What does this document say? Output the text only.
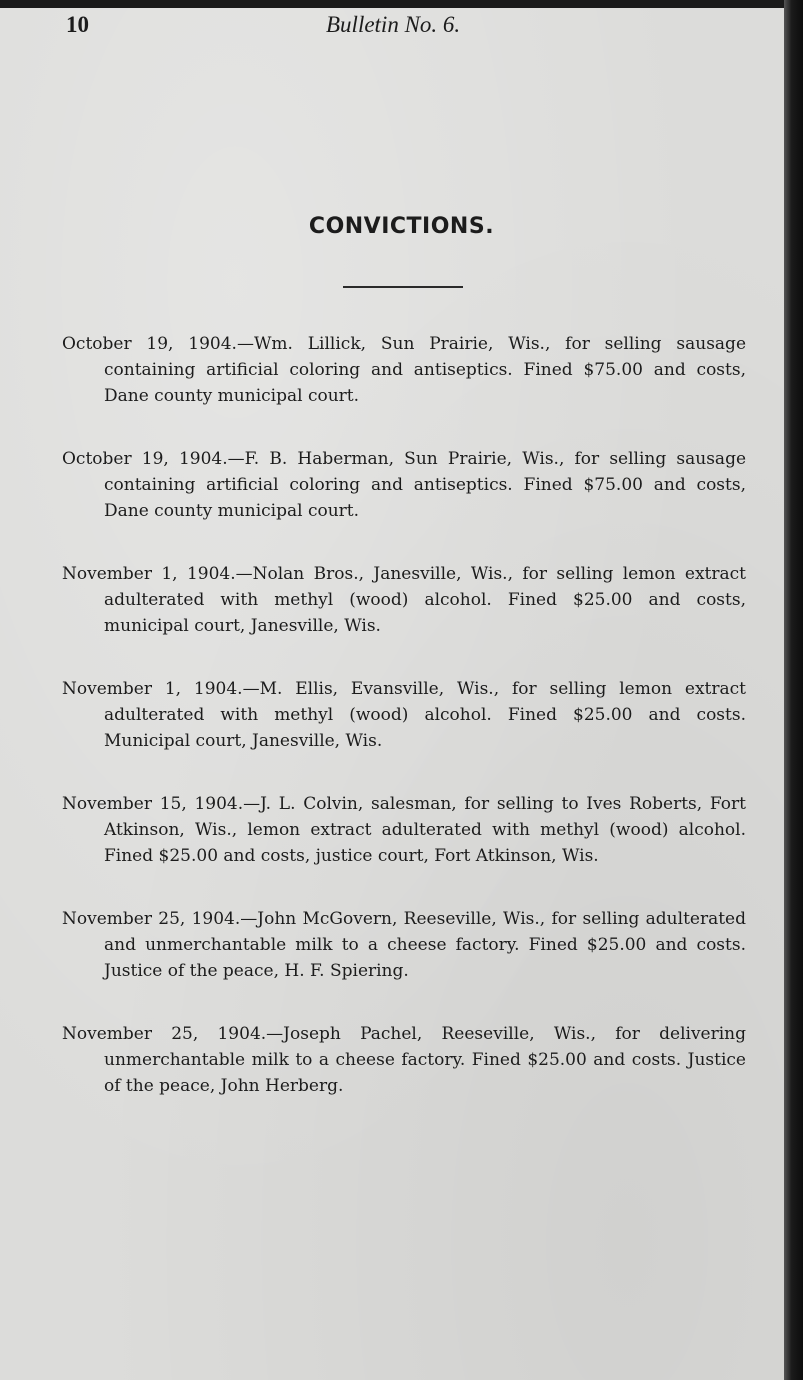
10	Bulletin No. 6.
CONVICTIONS.

October 19, 1904.—Wm. Lillick, Sun Prairie, Wis., for selling sausage containing artificial coloring and antiseptics. Fined $75.00 and costs, Dane county municipal court.

October 19, 1904.—F. B. Haberman, Sun Prairie, Wis., for selling sausage containing artificial coloring and antiseptics. Fined $75.00 and costs, Dane county municipal court.

November 1, 1904.—Nolan Bros., Janesville, Wis., for selling lemon extract adulterated with methyl (wood) alcohol. Fined $25.00 and costs, municipal court, Janesville, Wis.

November 1, 1904.—M. Ellis, Evansville, Wis., for selling lemon extract adulterated with methyl (wood) alcohol. Fined $25.00 and costs. Municipal court, Janesville, Wis.

November 15, 1904.—J. L. Colvin, salesman, for selling to Ives Roberts, Fort Atkinson, Wis., lemon extract adulterated with methyl (wood) alcohol. Fined $25.00 and costs, justice court, Fort Atkinson, Wis.

November 25, 1904.—John McGovern, Reeseville, Wis., for selling adulterated and unmerchantable milk to a cheese factory. Fined $25.00 and costs. Justice of the peace, H. F. Spiering.

November 25, 1904.—Joseph Pachel, Reeseville, Wis., for delivering unmerchantable milk to a cheese factory. Fined $25.00 and costs. Justice of the peace, John Herberg.
